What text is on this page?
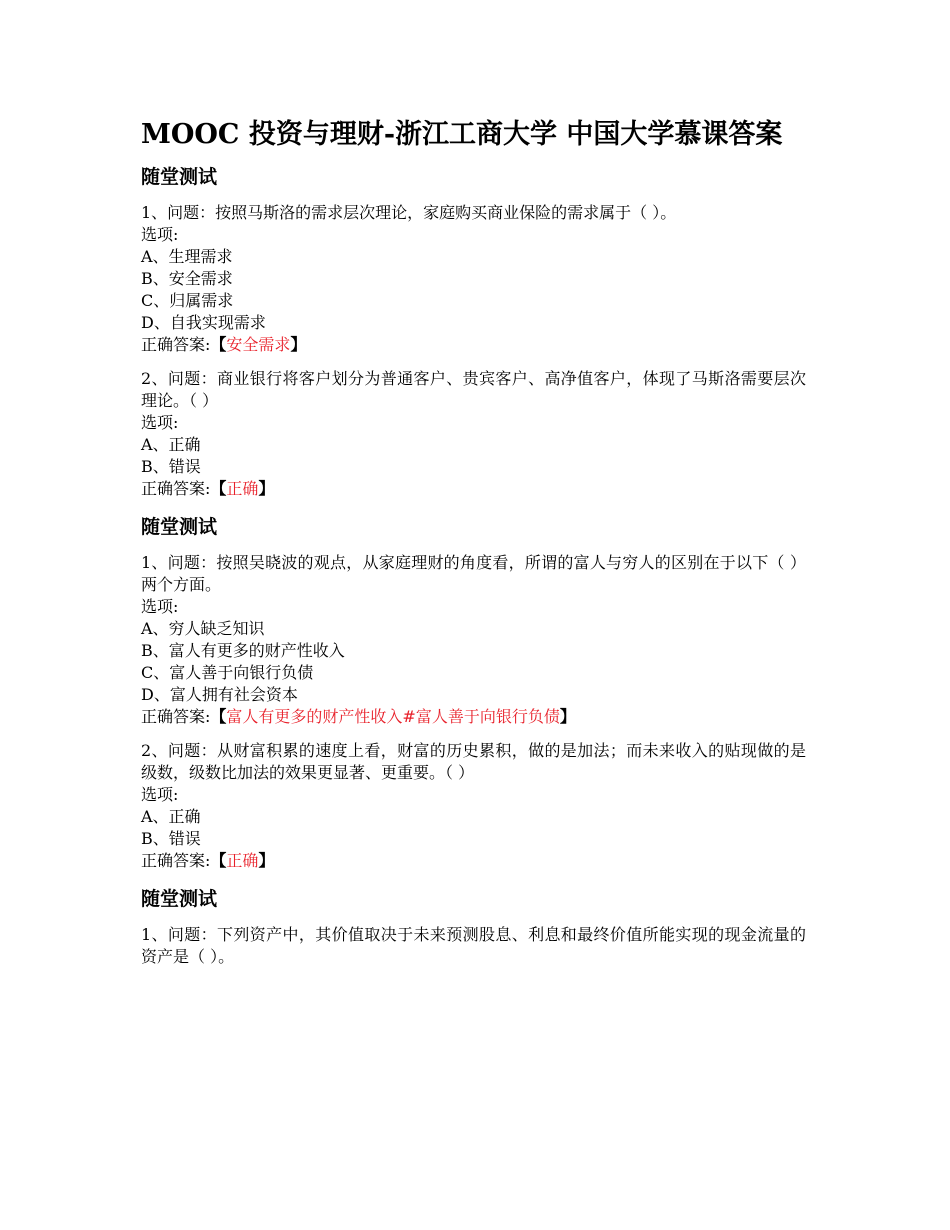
MOOC 投资与理财-浙江工商大学 中国大学慕课答案
随堂测试

1、问题：按照马斯洛的需求层次理论，家庭购买商业保险的需求属于（ ）。

选项:

A、生理需求

B、安全需求

C、归属需求

D、自我实现需求

正确答案:【安全需求】

2、问题：商业银行将客户划分为普通客户、贵宾客户、高净值客户，体现了马斯洛需要层次理论。（ ）

选项:

A、正确

B、错误

正确答案:【正确】

随堂测试

1、问题：按照吴晓波的观点，从家庭理财的角度看，所谓的富人与穷人的区别在于以下（ ）两个方面。

选项:

A、穷人缺乏知识

B、富人有更多的财产性收入

C、富人善于向银行负债

D、富人拥有社会资本

正确答案:【富人有更多的财产性收入#富人善于向银行负债】

2、问题：从财富积累的速度上看，财富的历史累积，做的是加法；而未来收入的贴现做的是级数，级数比加法的效果更显著、更重要。（ ）

选项:

A、正确

B、错误

正确答案:【正确】

随堂测试

1、问题：下列资产中，其价值取决于未来预测股息、利息和最终价值所能实现的现金流量的资产是（ ）。
